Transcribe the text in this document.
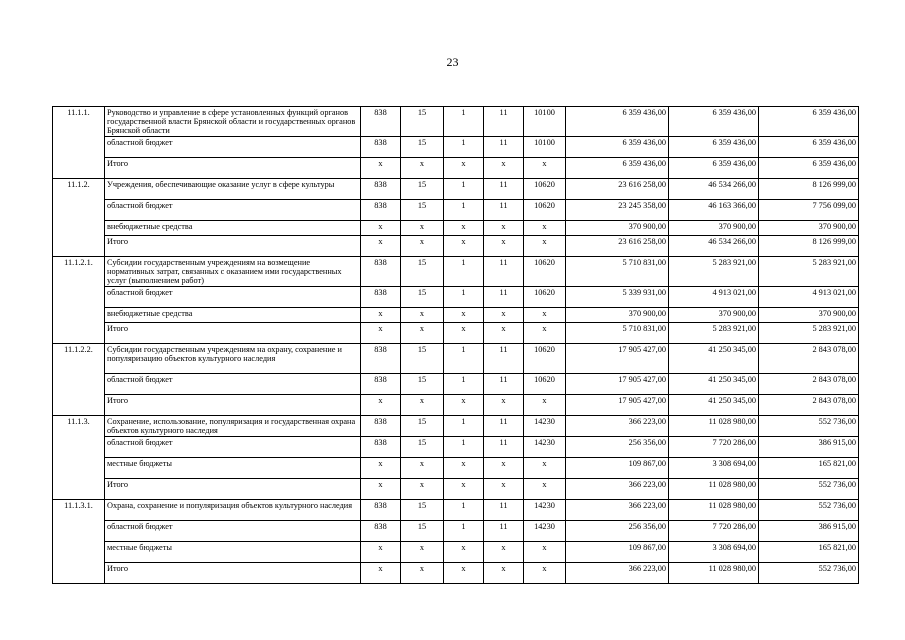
23
11.1.1.	Руководство и управление в сфере установленных функций органов государственной власти Брянской области и государственных органов Брянской области	838	15	1	11	10100	6 359 436,00	6 359 436,00	6 359 436,00
	областной бюджет	838	15	1	11	10100	6 359 436,00	6 359 436,00	6 359 436,00
	Итого	х	х	х	х	х	6 359 436,00	6 359 436,00	6 359 436,00
11.1.2.	Учреждения, обеспечивающие оказание услуг в сфере культуры	838	15	1	11	10620	23 616 258,00	46 534 266,00	8 126 999,00
	областной бюджет	838	15	1	11	10620	23 245 358,00	46 163 366,00	7 756 099,00
	внебюджетные средства	х	х	х	х	х	370 900,00	370 900,00	370 900,00
	Итого	х	х	х	х	х	23 616 258,00	46 534 266,00	8 126 999,00
11.1.2.1.	Субсидии государственным учреждениям на возмещение нормативных затрат, связанных с оказанием ими государственных услуг (выполнением работ)	838	15	1	11	10620	5 710 831,00	5 283 921,00	5 283 921,00
	областной бюджет	838	15	1	11	10620	5 339 931,00	4 913 021,00	4 913 021,00
	внебюджетные средства	х	х	х	х	х	370 900,00	370 900,00	370 900,00
	Итого	х	х	х	х	х	5 710 831,00	5 283 921,00	5 283 921,00
11.1.2.2.	Субсидии государственным учреждениям на охрану, сохранение и популяризацию объектов культурного наследия	838	15	1	11	10620	17 905 427,00	41 250 345,00	2 843 078,00
	областной бюджет	838	15	1	11	10620	17 905 427,00	41 250 345,00	2 843 078,00
	Итого	х	х	х	х	х	17 905 427,00	41 250 345,00	2 843 078,00
11.1.3.	Сохранение, использование, популяризация и государственная охрана объектов культурного наследия	838	15	1	11	14230	366 223,00	11 028 980,00	552 736,00
	областной бюджет	838	15	1	11	14230	256 356,00	7 720 286,00	386 915,00
	местные бюджеты	х	х	х	х	х	109 867,00	3 308 694,00	165 821,00
	Итого	х	х	х	х	х	366 223,00	11 028 980,00	552 736,00
11.1.3.1.	Охрана, сохранение и популяризация объектов культурного наследия	838	15	1	11	14230	366 223,00	11 028 980,00	552 736,00
	областной бюджет	838	15	1	11	14230	256 356,00	7 720 286,00	386 915,00
	местные бюджеты	х	х	х	х	х	109 867,00	3 308 694,00	165 821,00
	Итого	х	х	х	х	х	366 223,00	11 028 980,00	552 736,00
